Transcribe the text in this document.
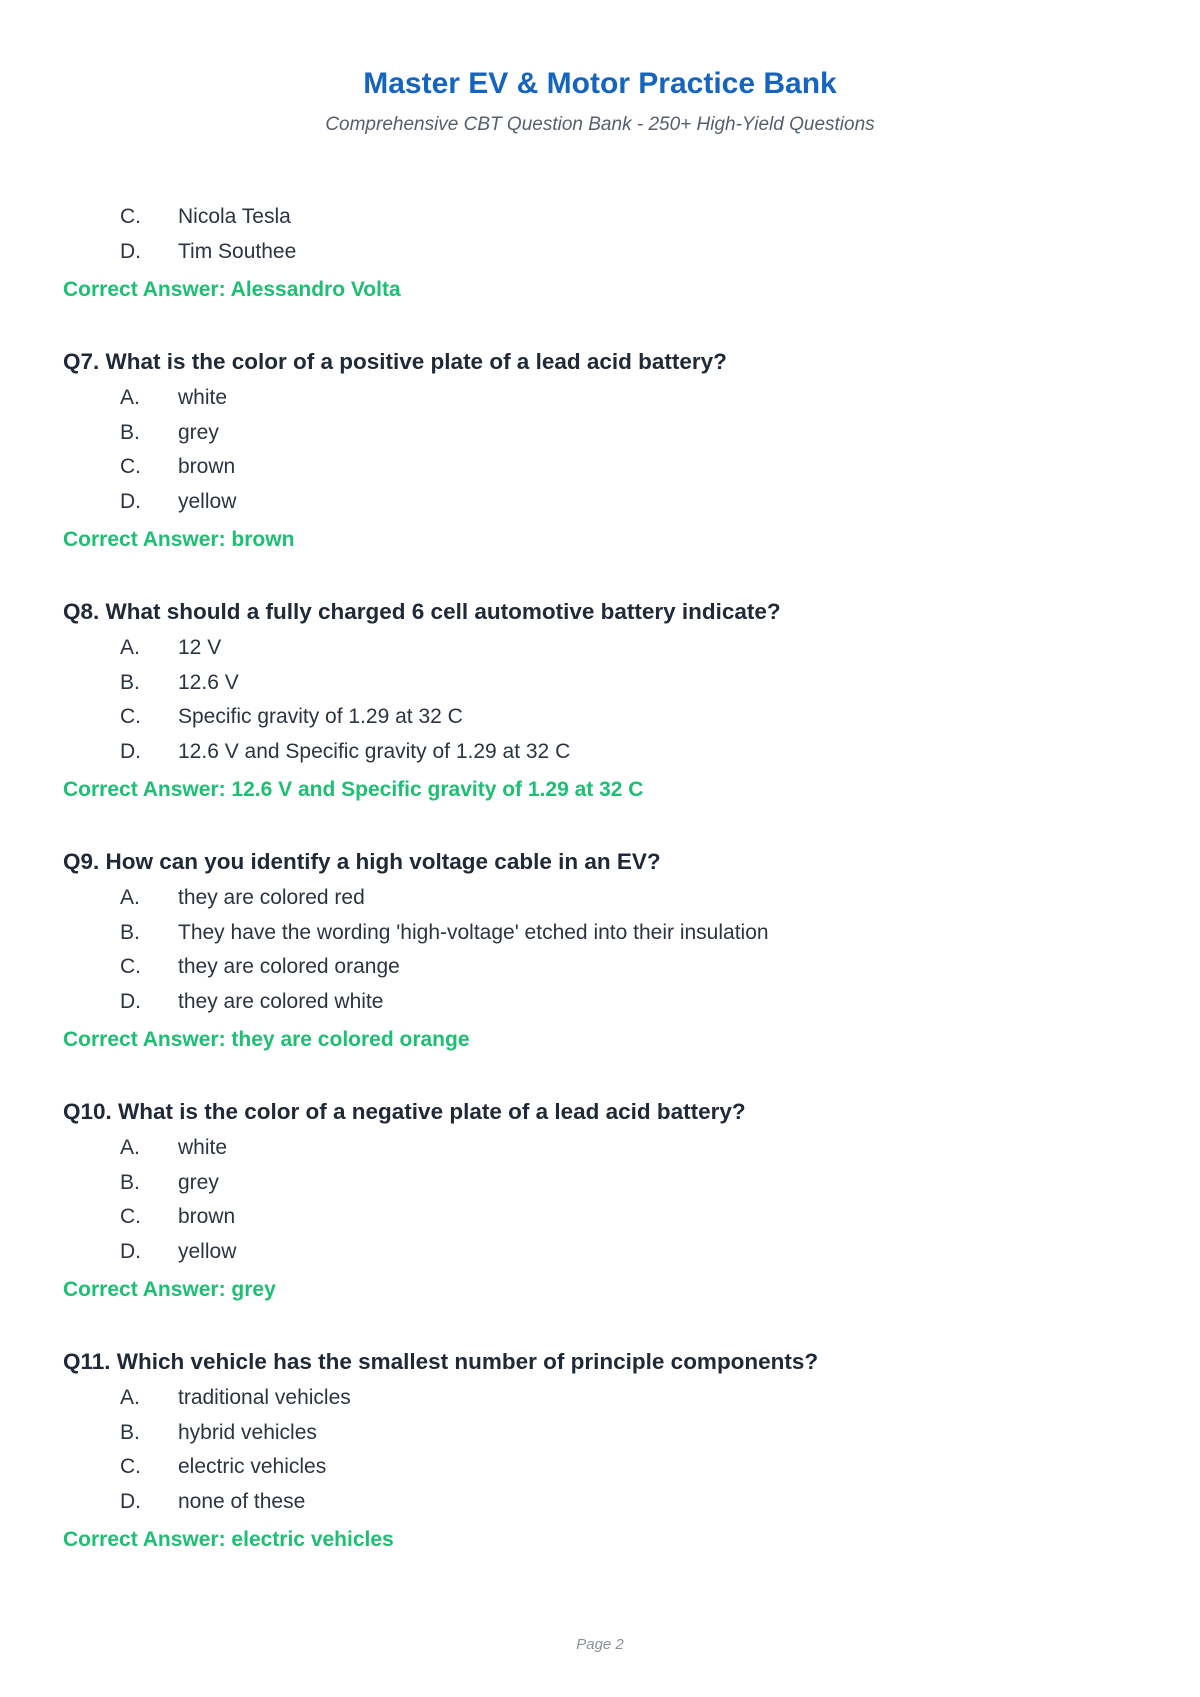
Master EV & Motor Practice Bank
Comprehensive CBT Question Bank - 250+ High-Yield Questions
C.	Nicola Tesla
D.	Tim Southee
Correct Answer: Alessandro Volta
Q7. What is the color of a positive plate of a lead acid battery?
A.	white
B.	grey
C.	brown
D.	yellow
Correct Answer: brown
Q8. What should a fully charged 6 cell automotive battery indicate?
A.	12 V
B.	12.6 V
C.	Specific gravity of 1.29 at 32 C
D.	12.6 V and Specific gravity of 1.29 at 32 C
Correct Answer: 12.6 V and Specific gravity of 1.29 at 32 C
Q9. How can you identify a high voltage cable in an EV?
A.	they are colored red
B.	They have the wording 'high-voltage' etched into their insulation
C.	they are colored orange
D.	they are colored white
Correct Answer: they are colored orange
Q10. What is the color of a negative plate of a lead acid battery?
A.	white
B.	grey
C.	brown
D.	yellow
Correct Answer: grey
Q11. Which vehicle has the smallest number of principle components?
A.	traditional vehicles
B.	hybrid vehicles
C.	electric vehicles
D.	none of these
Correct Answer: electric vehicles
Page 2
